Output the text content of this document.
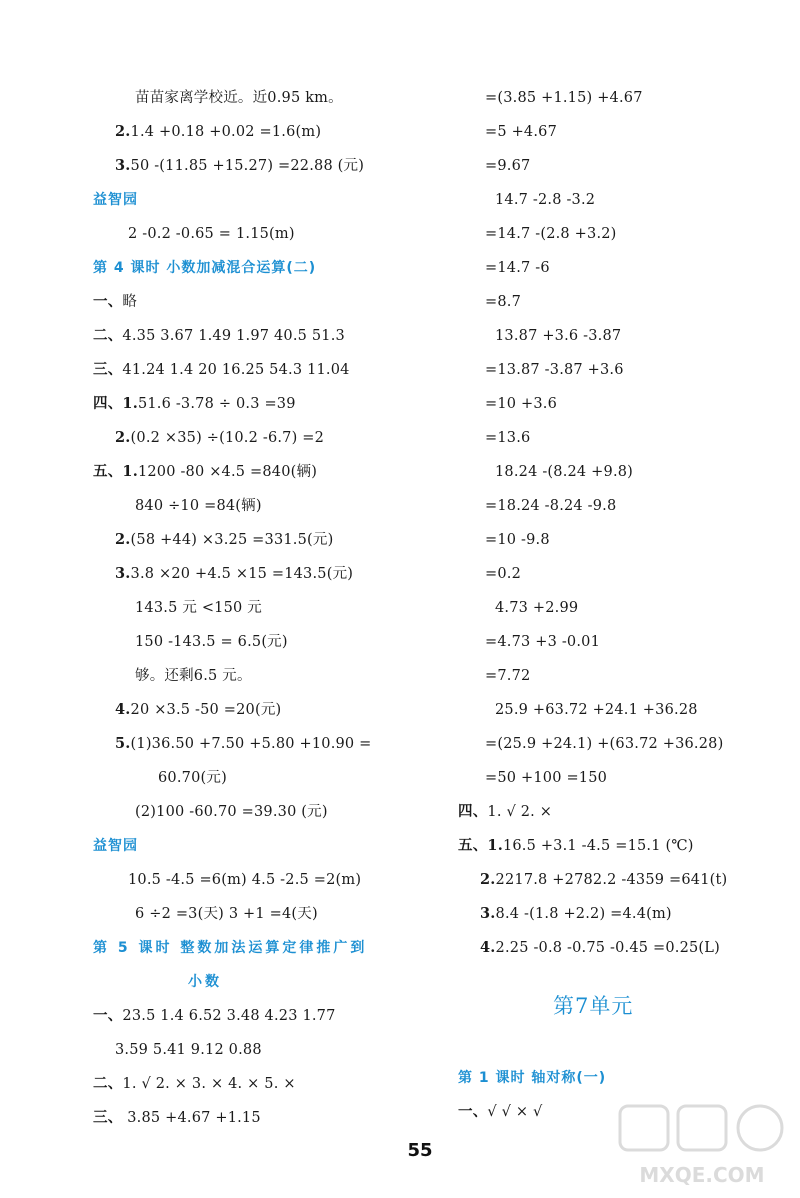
苗苗家离学校近。近0.95 km。
2.1.4 +0.18 +0.02 =1.6(m)
3.50 -(11.85 +15.27) =22.88 (元)
益智园
2 -0.2 -0.65 = 1.15(m)
第 4 课时 小数加减混合运算(二)
一、略
二、4.35 3.67 1.49 1.97 40.5 51.3
三、41.24 1.4 20 16.25 54.3 11.04
四、1.51.6 -3.78 ÷ 0.3 =39
2.(0.2 ×35) ÷(10.2 -6.7) =2
五、1.1200 -80 ×4.5 =840(辆)
840 ÷10 =84(辆)
2.(58 +44) ×3.25 =331.5(元)
3.3.8 ×20 +4.5 ×15 =143.5(元)
143.5 元 <150 元
150 -143.5 = 6.5(元)
够。还剩6.5 元。
4.20 ×3.5 -50 =20(元)
5.(1)36.50 +7.50 +5.80 +10.90 =
60.70(元)
(2)100 -60.70 =39.30 (元)
益智园
10.5 -4.5 =6(m) 4.5 -2.5 =2(m)
6 ÷2 =3(天) 3 +1 =4(天)
第 5 课时 整数加法运算定律推广到
小数
一、23.5 1.4 6.52 3.48 4.23 1.77
3.59 5.41 9.12 0.88
二、1. √ 2. × 3. × 4. × 5. ×
三、 3.85 +4.67 +1.15
=(3.85 +1.15) +4.67
=5 +4.67
=9.67
14.7 -2.8 -3.2
=14.7 -(2.8 +3.2)
=14.7 -6
=8.7
13.87 +3.6 -3.87
=13.87 -3.87 +3.6
=10 +3.6
=13.6
18.24 -(8.24 +9.8)
=18.24 -8.24 -9.8
=10 -9.8
=0.2
4.73 +2.99
=4.73 +3 -0.01
=7.72
25.9 +63.72 +24.1 +36.28
=(25.9 +24.1) +(63.72 +36.28)
=50 +100 =150
四、1. √ 2. ×
五、1.16.5 +3.1 -4.5 =15.1 (℃)
2.2217.8 +2782.2 -4359 =641(t)
3.8.4 -(1.8 +2.2) =4.4(m)
4.2.25 -0.8 -0.75 -0.45 =0.25(L)
第 1 课时 轴对称(一)
一、√ √ × √
第7单元
55
MXQE.COM
